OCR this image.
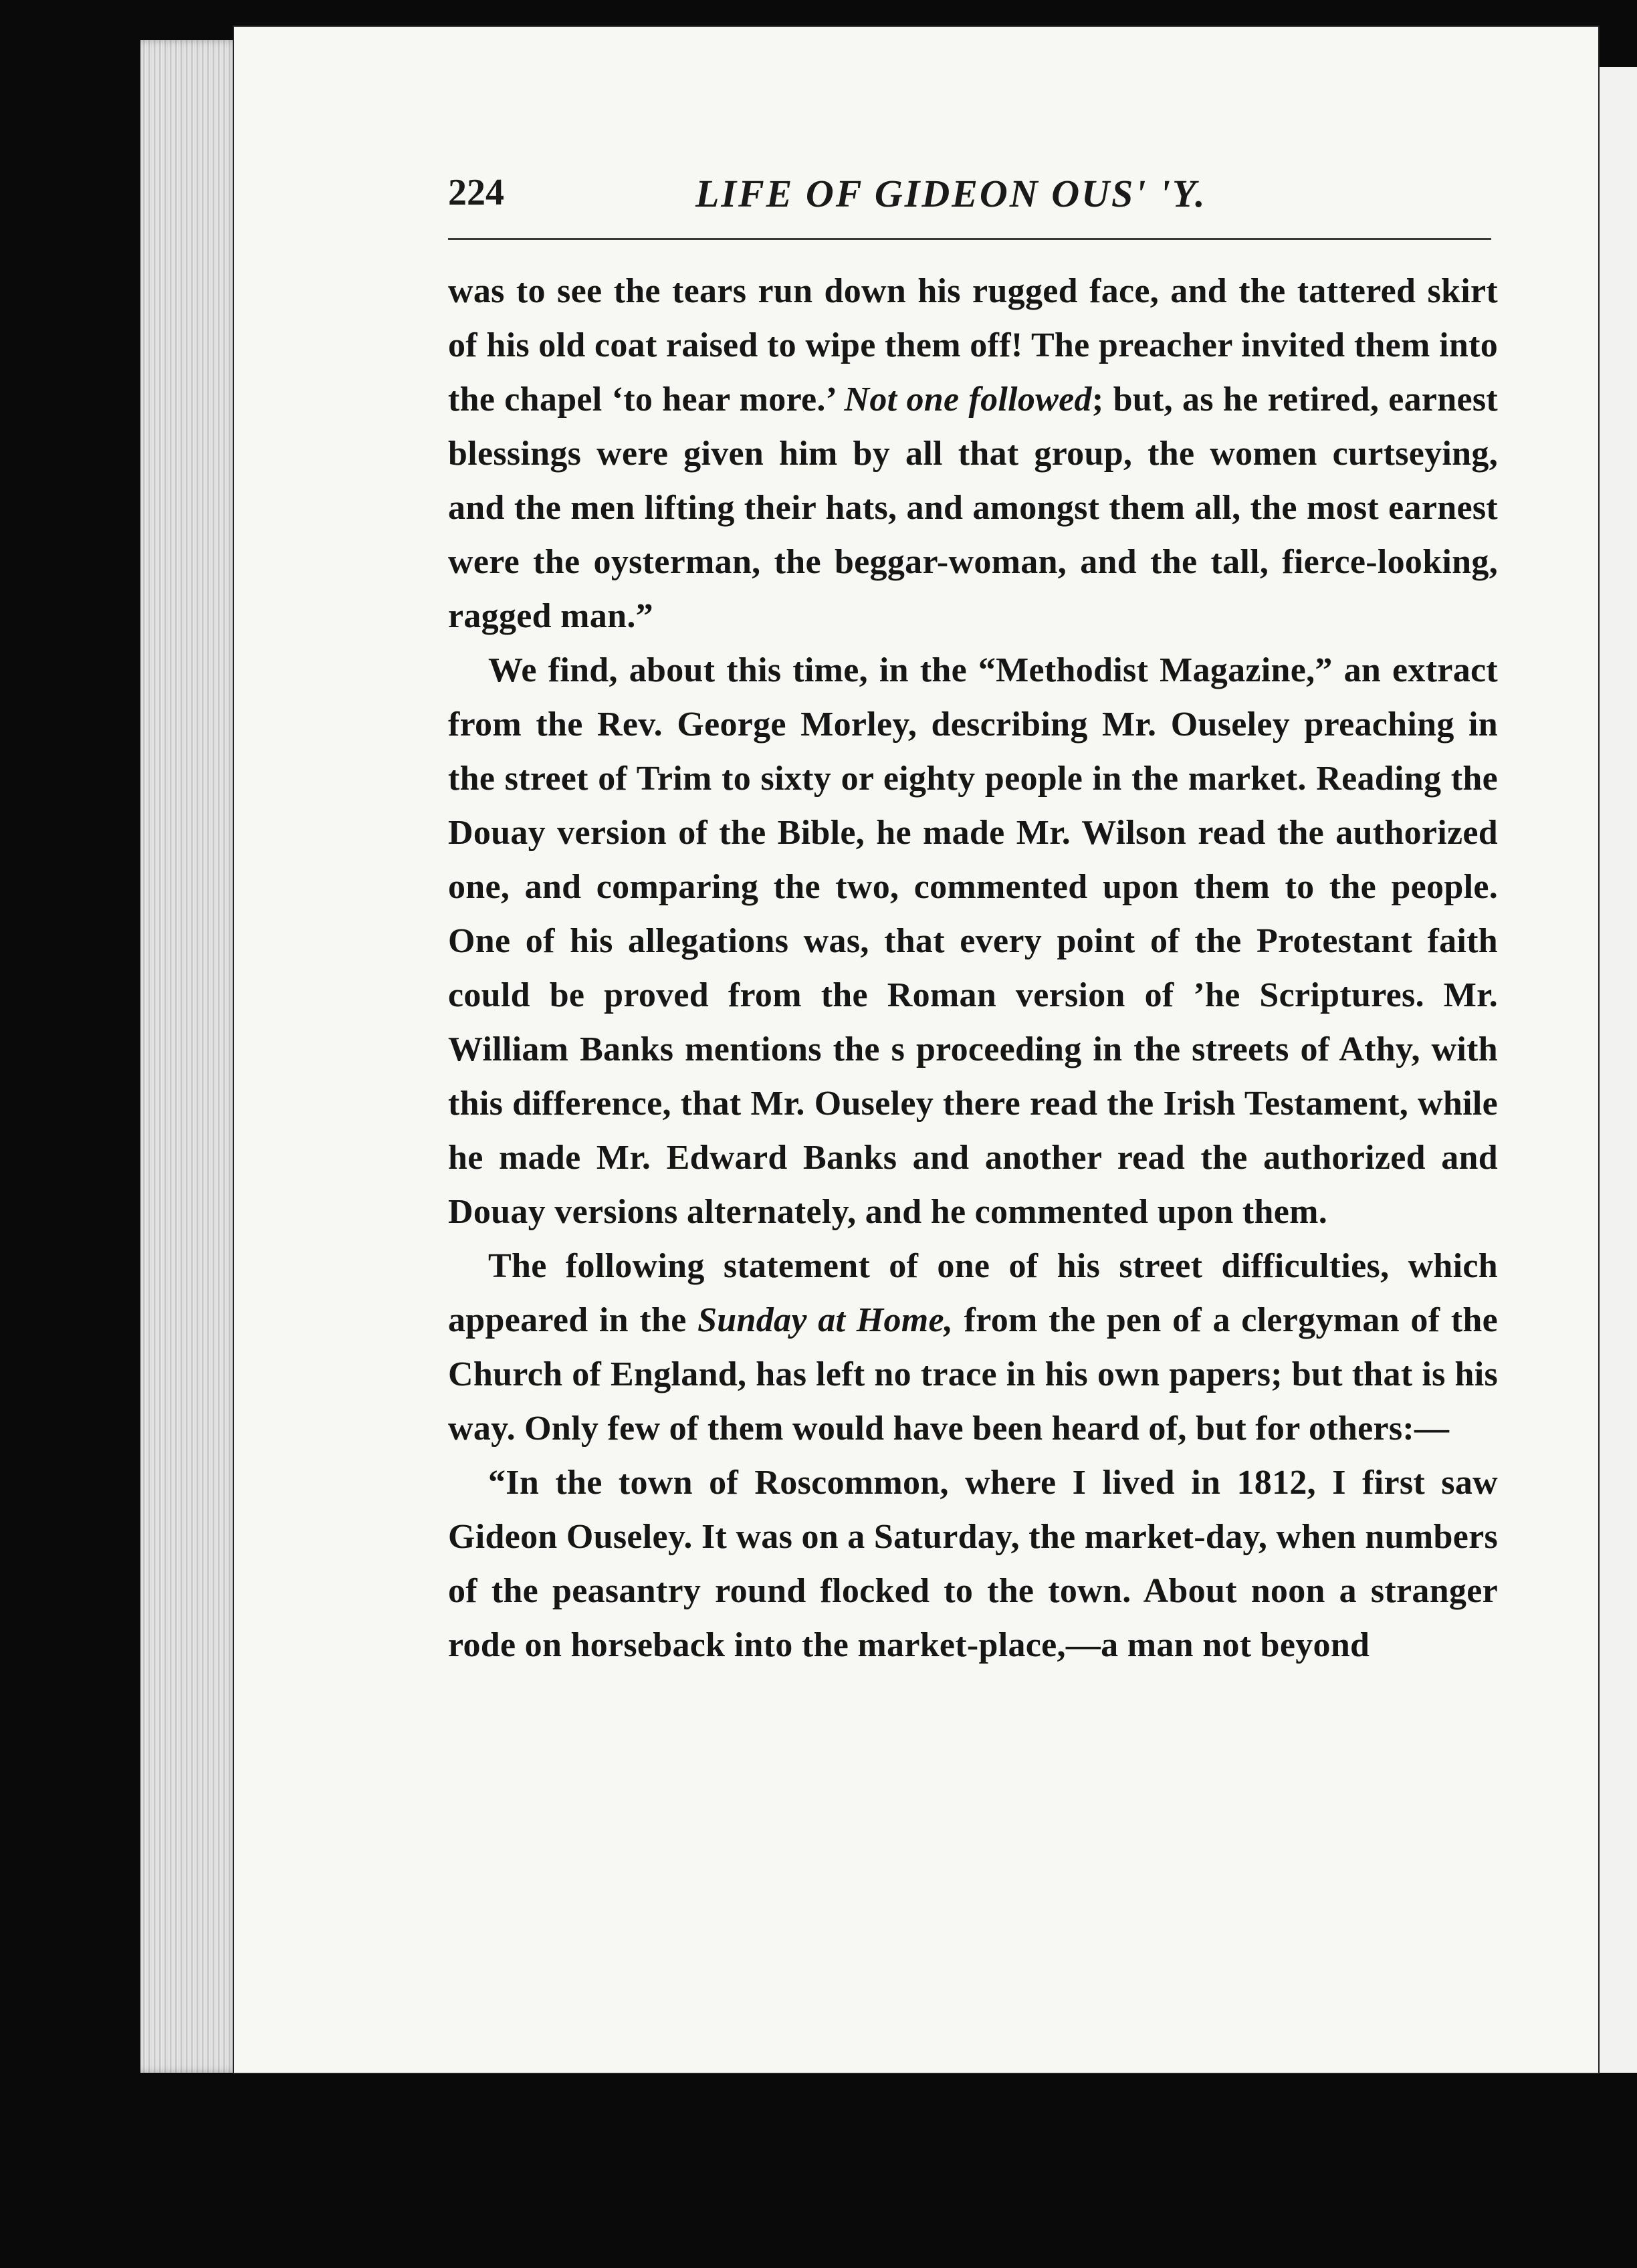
224	LIFE OF GIDEON OUS' 'Y.

was to see the tears run down his rugged face, and the tattered skirt of his old coat raised to wipe them off! The preacher invited them into the chapel ‘to hear more.’ Not one followed; but, as he retired, earnest blessings were given him by all that group, the women curtseying, and the men lifting their hats, and amongst them all, the most earnest were the oysterman, the beggar-woman, and the tall, fierce-looking, ragged man.”

We find, about this time, in the “Methodist Magazine,” an extract from the Rev. George Morley, describing Mr. Ouseley preaching in the street of Trim to sixty or eighty people in the market. Reading the Douay version of the Bible, he made Mr. Wilson read the authorized one, and comparing the two, commented upon them to the people. One of his allegations was, that every point of the Protestant faith could be proved from the Roman version of ’he Scriptures. Mr. William Banks mentions the s proceeding in the streets of Athy, with this difference, that Mr. Ouseley there read the Irish Testament, while he made Mr. Edward Banks and another read the authorized and Douay versions alternately, and he commented upon them.

The following statement of one of his street difficulties, which appeared in the Sunday at Home, from the pen of a clergyman of the Church of England, has left no trace in his own papers; but that is his way. Only few of them would have been heard of, but for others:—

“In the town of Roscommon, where I lived in 1812, I first saw Gideon Ouseley. It was on a Saturday, the market-day, when numbers of the peasantry round flocked to the town. About noon a stranger rode on horseback into the market-place,—a man not beyond
